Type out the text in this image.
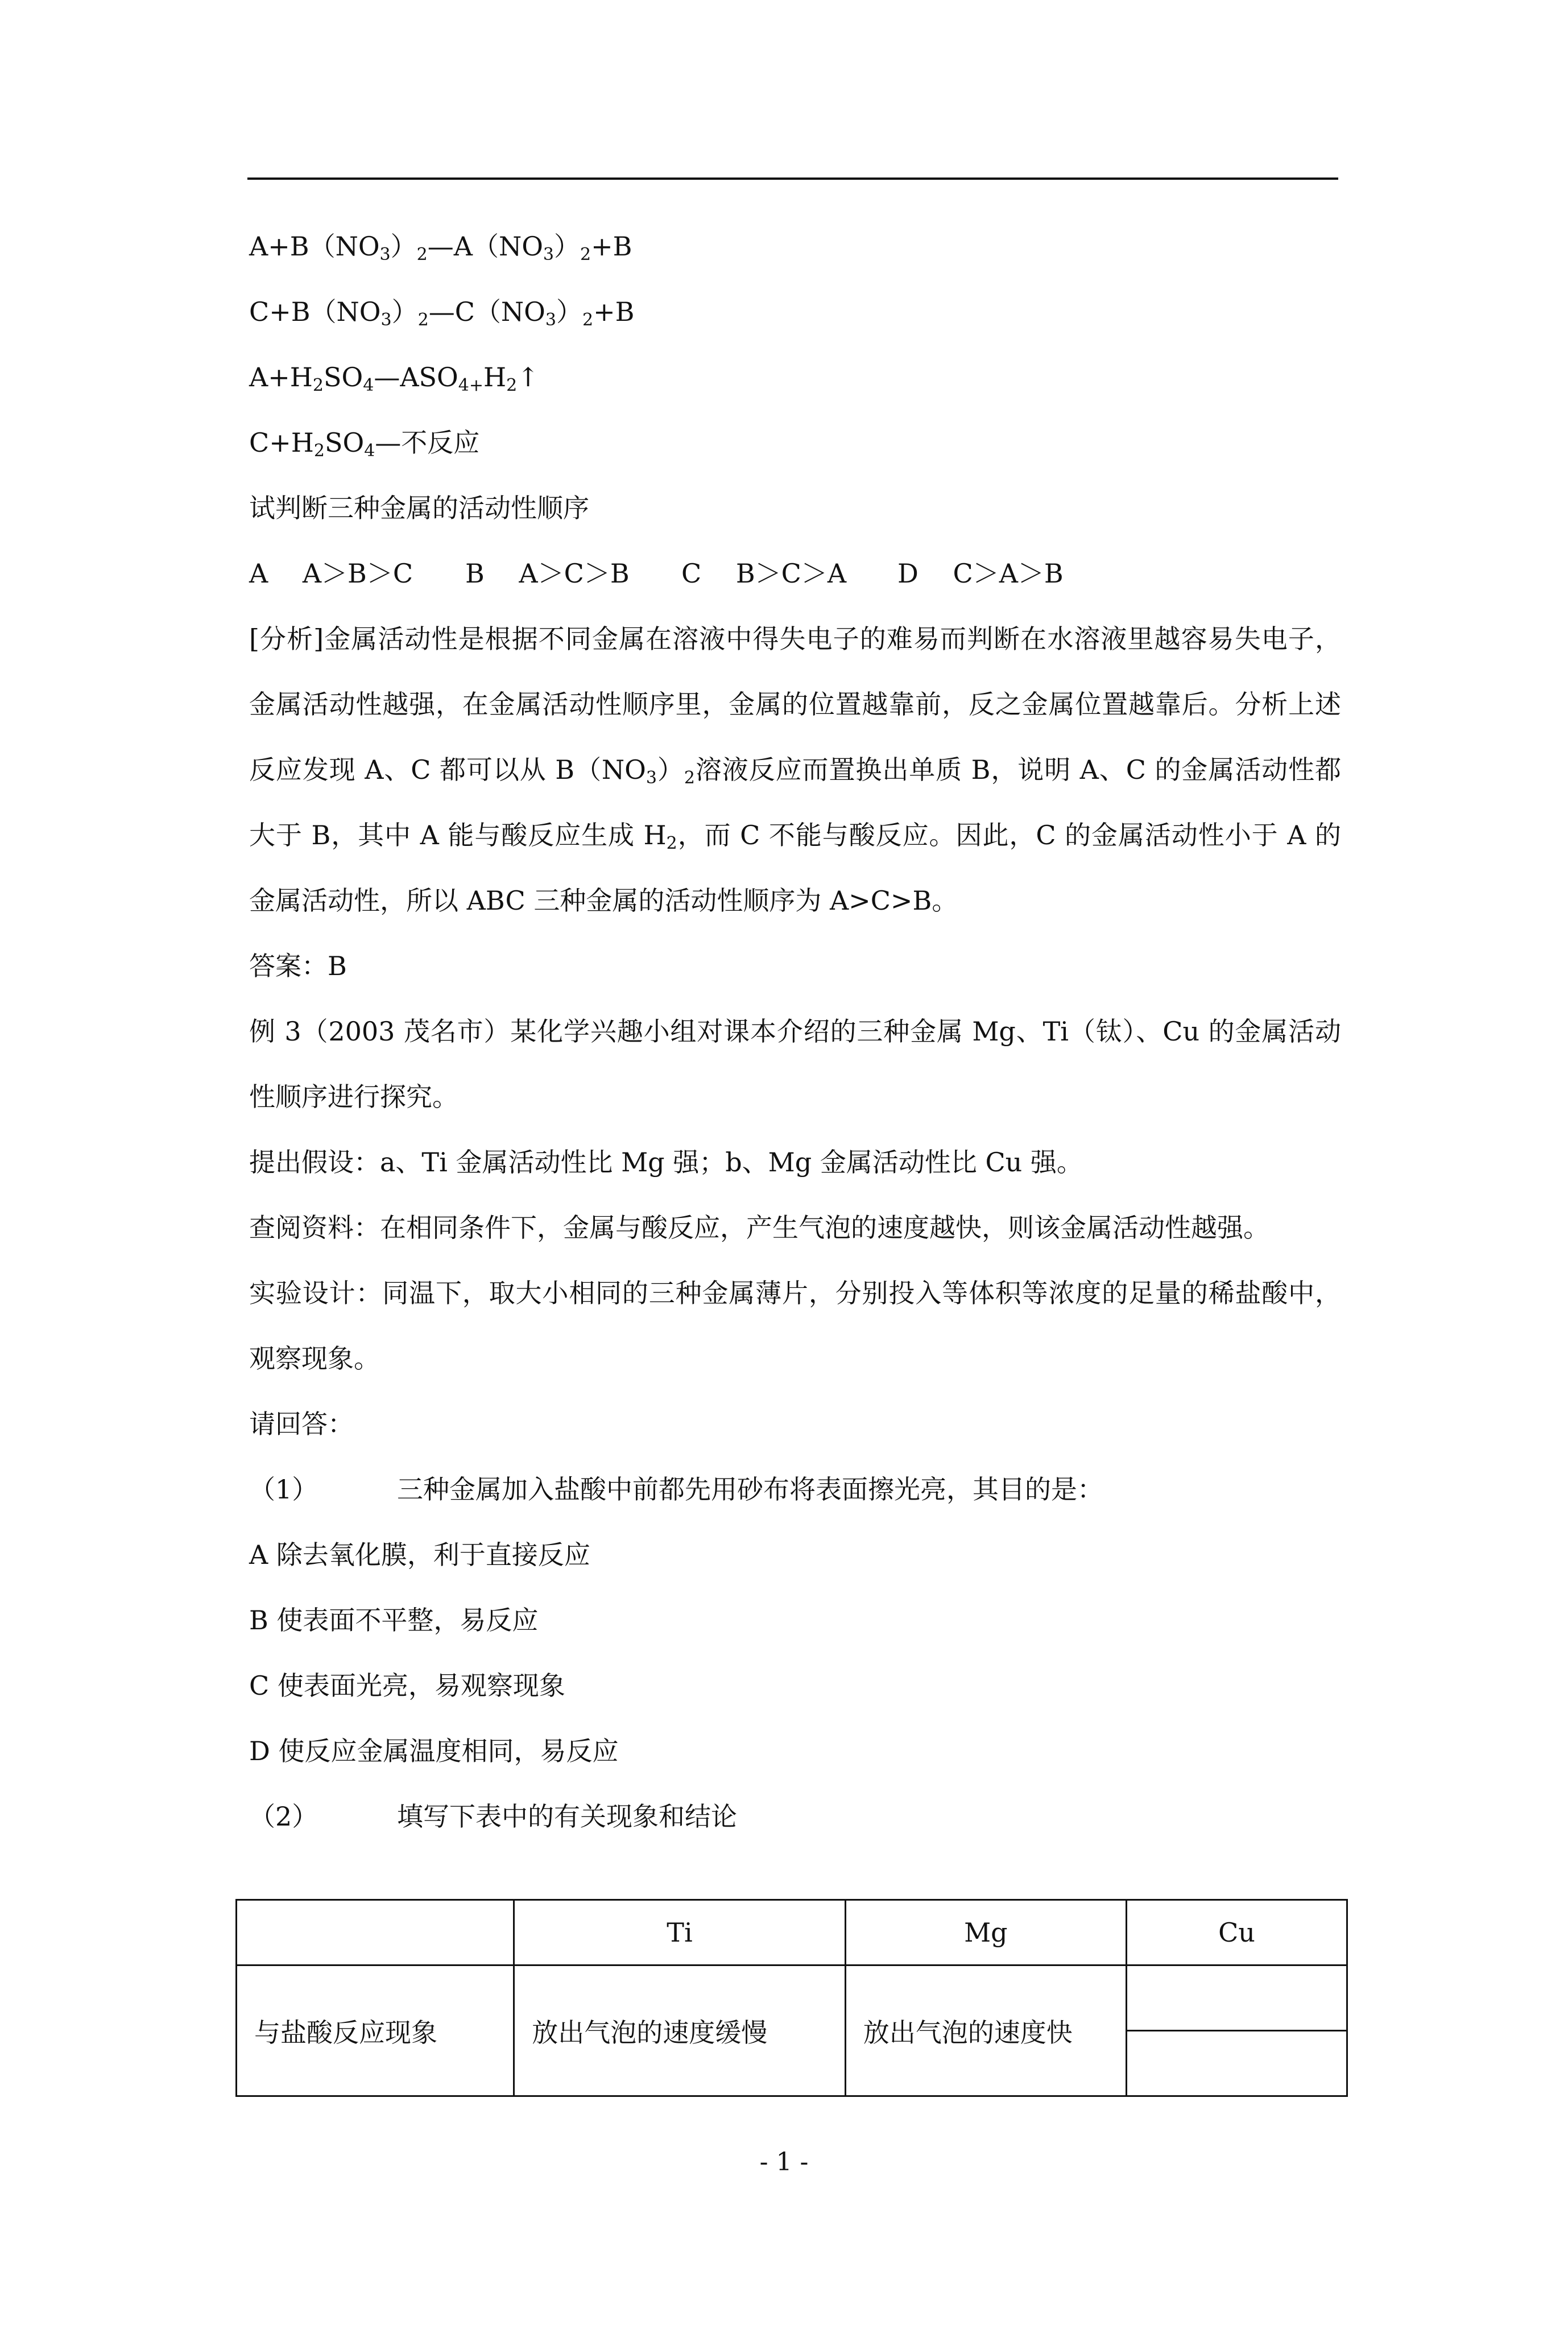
$A+B(NO_3)_2—A(NO_3)_2+B$
$C+B(NO_3)_2—C(NO_3)_2+B$
$A+H_2SO_4—ASO_{4+}H_2↑$
$C+H_2SO_4—$不反应
试判断三种金属的活动性顺序
A　 A＞B＞C B　 A＞C＞B C　 B＞C＞A D　 C＞A＞B
[分析]金属活动性是根据不同金属在溶液中得失电子的难易而判断在水溶液里越容易失电子，金属活动性越强，在金属活动性顺序里，金属的位置越靠前，反之金属位置越靠后。分析上述反应发现 A、C 都可以从 $B(NO_3)_2$溶液反应而置换出单质 B，说明 A、C 的金属活动性都大于 B，其中 A 能与酸反应生成 $H_2$，而 C 不能与酸反应。因此，C 的金属活动性小于 A 的金属活动性，所以 ABC 三种金属的活动性顺序为 A>C>B。
答案：B
例 3（2003 茂名市）某化学兴趣小组对课本介绍的三种金属 Mg、Ti（钛）、Cu 的金属活动性顺序进行探究。
提出假设：a、Ti 金属活动性比 Mg 强；b、Mg 金属活动性比 Cu 强。
查阅资料：在相同条件下，金属与酸反应，产生气泡的速度越快，则该金属活动性越强。
实验设计：同温下，取大小相同的三种金属薄片，分别投入等体积等浓度的足量的稀盐酸中，观察现象。
请回答：
（1）	三种金属加入盐酸中前都先用砂布将表面擦光亮，其目的是：
A 除去氧化膜，利于直接反应
B 使表面不平整，易反应
C 使表面光亮，易观察现象
D 使反应金属温度相同，易反应
（2）	填写下表中的有关现象和结论
	Ti	Mg	Cu
与盐酸反应现象	放出气泡的速度缓慢	放出气泡的速度快	
- 1 -
